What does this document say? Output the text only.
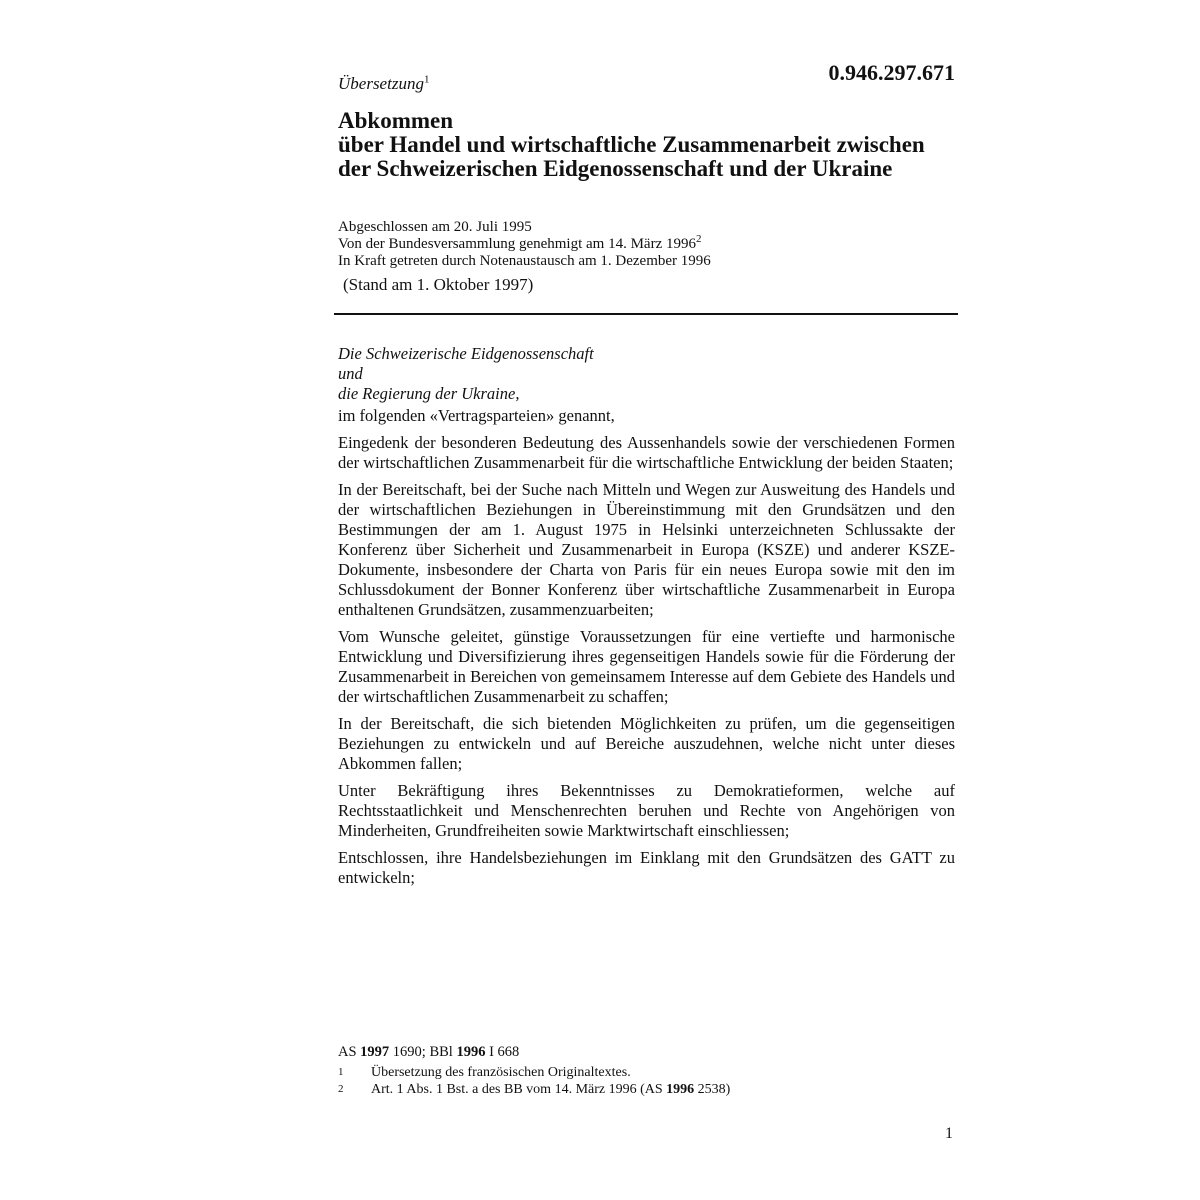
Übersetzung$^1$	0.946.297.671
Abkommen
über Handel und wirtschaftliche Zusammenarbeit zwischen
der Schweizerischen Eidgenossenschaft und der Ukraine
Abgeschlossen am 20. Juli 1995
Von der Bundesversammlung genehmigt am 14. März 1996$^2$
In Kraft getreten durch Notenaustausch am 1. Dezember 1996
(Stand am 1. Oktober 1997)
Die Schweizerische Eidgenossenschaft
und
die Regierung der Ukraine,

im folgenden «Vertragsparteien» genannt,

Eingedenk der besonderen Bedeutung des Aussenhandels sowie der verschiedenen Formen der wirtschaftlichen Zusammenarbeit für die wirtschaftliche Entwicklung der beiden Staaten;

In der Bereitschaft, bei der Suche nach Mitteln und Wegen zur Ausweitung des Handels und der wirtschaftlichen Beziehungen in Übereinstimmung mit den Grundsätzen und den Bestimmungen der am 1. August 1975 in Helsinki unterzeichneten Schlussakte der Konferenz über Sicherheit und Zusammenarbeit in Europa (KSZE) und anderer KSZE-Dokumente, insbesondere der Charta von Paris für ein neues Europa sowie mit den im Schlussdokument der Bonner Konferenz über wirtschaftliche Zusammenarbeit in Europa enthaltenen Grundsätzen, zusammenzuarbeiten;

Vom Wunsche geleitet, günstige Voraussetzungen für eine vertiefte und harmonische Entwicklung und Diversifizierung ihres gegenseitigen Handels sowie für die Förderung der Zusammenarbeit in Bereichen von gemeinsamem Interesse auf dem Gebiete des Handels und der wirtschaftlichen Zusammenarbeit zu schaffen;

In der Bereitschaft, die sich bietenden Möglichkeiten zu prüfen, um die gegenseitigen Beziehungen zu entwickeln und auf Bereiche auszudehnen, welche nicht unter dieses Abkommen fallen;

Unter Bekräftigung ihres Bekenntnisses zu Demokratieformen, welche auf Rechtsstaatlichkeit und Menschenrechten beruhen und Rechte von Angehörigen von Minderheiten, Grundfreiheiten sowie Marktwirtschaft einschliessen;

Entschlossen, ihre Handelsbeziehungen im Einklang mit den Grundsätzen des GATT zu entwickeln;

AS 1997 1690; BBl 1996 I 668
1	Übersetzung des französischen Originaltextes.
2	Art. 1 Abs. 1 Bst. a des BB vom 14. März 1996 (AS 1996 2538)
1
